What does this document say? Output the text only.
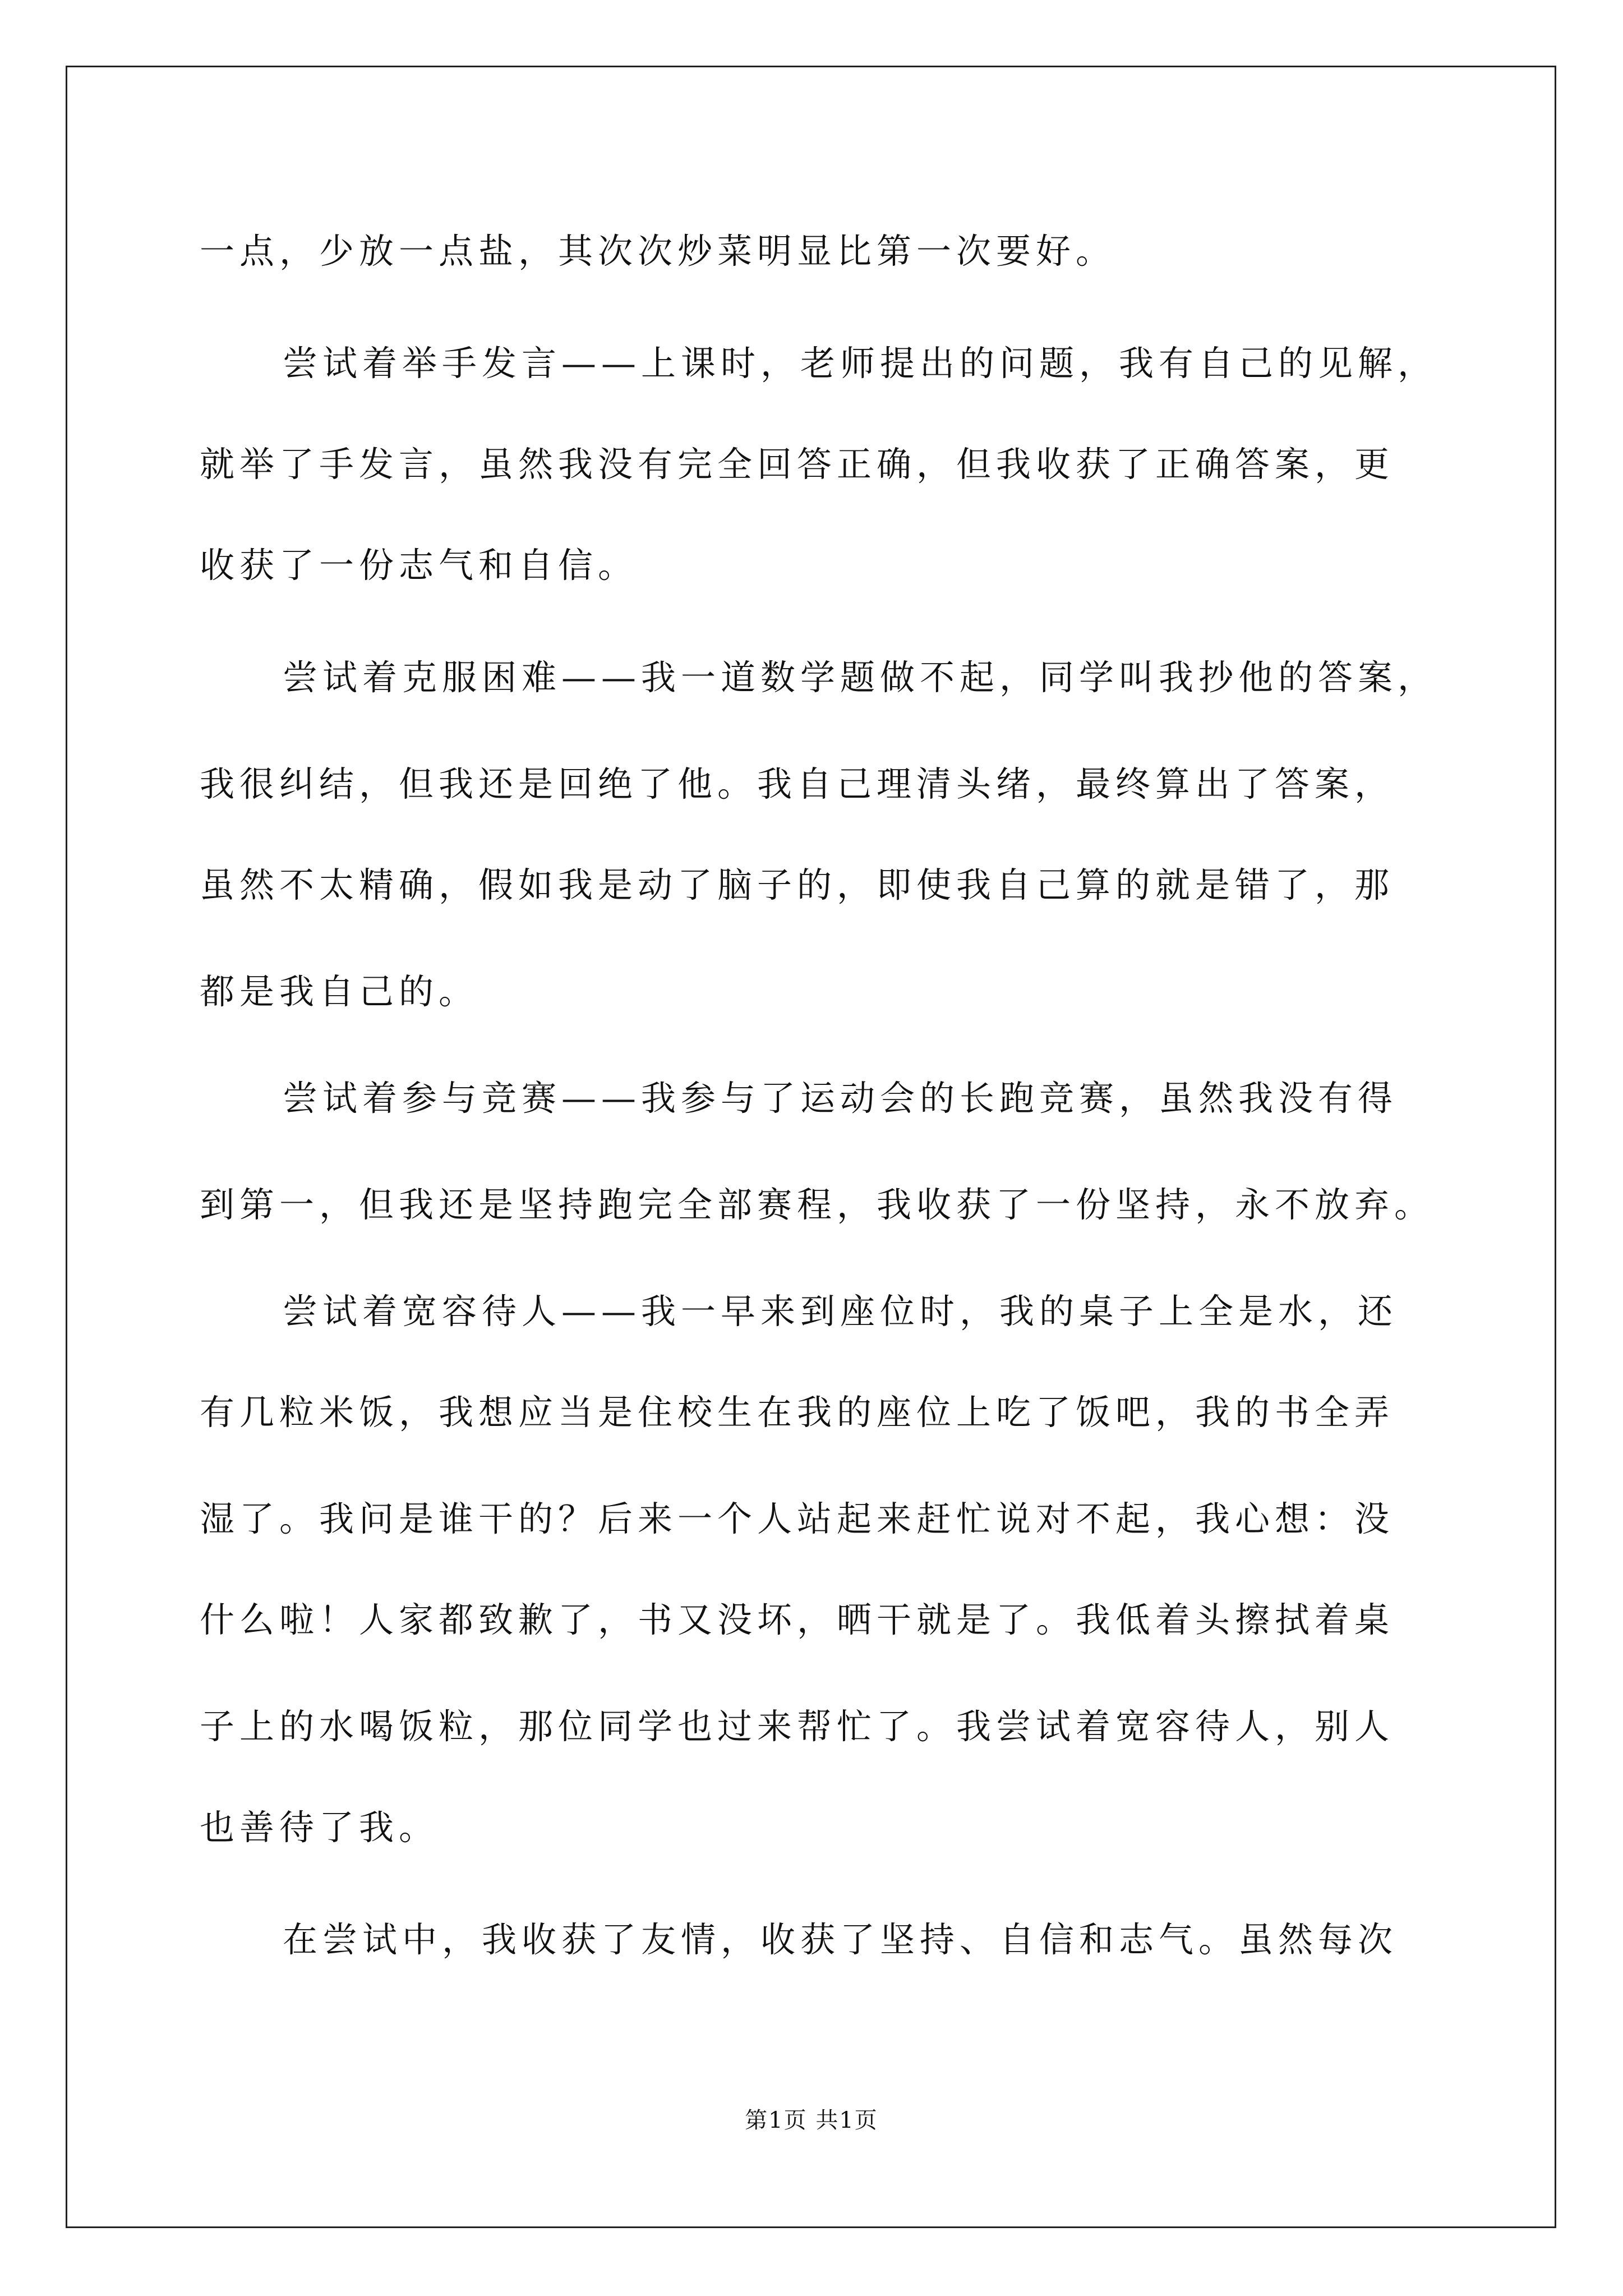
一点，少放一点盐，其次次炒菜明显比第一次要好。
尝试着举手发言——上课时，老师提出的问题，我有自己的见解，
就举了手发言，虽然我没有完全回答正确，但我收获了正确答案，更
收获了一份志气和自信。
尝试着克服困难——我一道数学题做不起，同学叫我抄他的答案，
我很纠结，但我还是回绝了他。我自己理清头绪，最终算出了答案，
虽然不太精确，假如我是动了脑子的，即使我自己算的就是错了，那
都是我自己的。
尝试着参与竞赛——我参与了运动会的长跑竞赛，虽然我没有得
到第一，但我还是坚持跑完全部赛程，我收获了一份坚持，永不放弃。
尝试着宽容待人——我一早来到座位时，我的桌子上全是水，还
有几粒米饭，我想应当是住校生在我的座位上吃了饭吧，我的书全弄
湿了。我问是谁干的？后来一个人站起来赶忙说对不起，我心想：没
什么啦！人家都致歉了，书又没坏，晒干就是了。我低着头擦拭着桌
子上的水喝饭粒，那位同学也过来帮忙了。我尝试着宽容待人，别人
也善待了我。
在尝试中，我收获了友情，收获了坚持、自信和志气。虽然每次
第1页 共1页
